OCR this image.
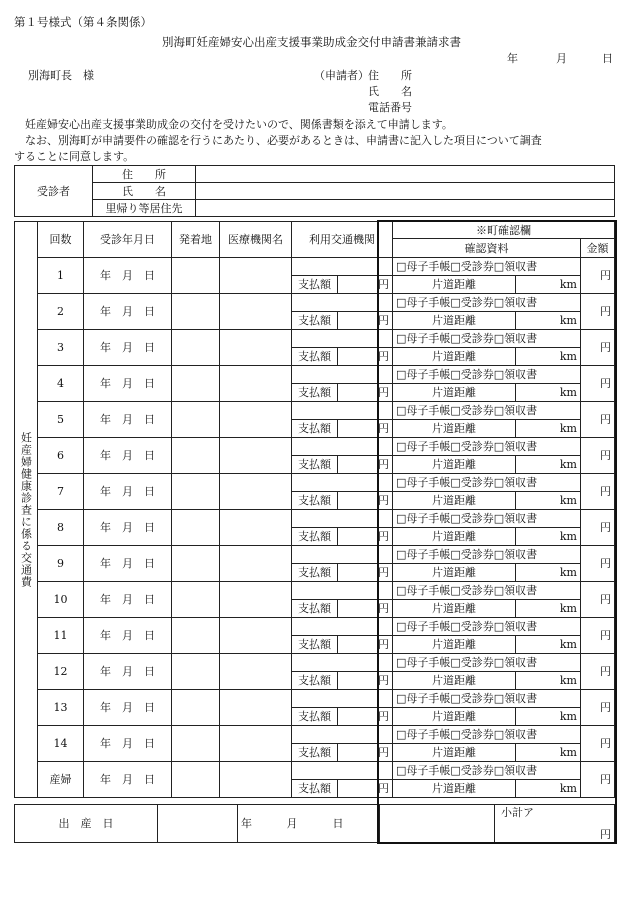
第１号様式（第４条関係）
別海町妊産婦安心出産支援事業助成金交付申請書兼請求書
年	月	日
別海町長　様	（申請者） 住　　所
氏　　名
電話番号
　妊産婦安心出産支援事業助成金の交付を受けたいので、関係書類を添えて申請します。
　なお、別海町が申請要件の確認を行うにあたり、必要があるときは、申請書に記入した項目について調査
することに同意します。
受診者	住　　所	
	氏　　名	
	里帰り等居住先	
妊産婦健康診査に係る交通費	回数	受診年月日	発着地	医療機関名	利用交通機関		※町確認欄		
							確認資料		金額
	1	年　月　日					□母子手帳□受診券□領収書		円
					支払額	円	片道距離	km	
	2	年　月　日					□母子手帳□受診券□領収書		円
					支払額	円	片道距離	km	
	3	年　月　日					□母子手帳□受診券□領収書		円
					支払額	円	片道距離	km	
	4	年　月　日					□母子手帳□受診券□領収書		円
					支払額	円	片道距離	km	
	5	年　月　日					□母子手帳□受診券□領収書		円
					支払額	円	片道距離	km	
	6	年　月　日					□母子手帳□受診券□領収書		円
					支払額	円	片道距離	km	
	7	年　月　日					□母子手帳□受診券□領収書		円
					支払額	円	片道距離	km	
	8	年　月　日					□母子手帳□受診券□領収書		円
					支払額	円	片道距離	km	
	9	年　月　日					□母子手帳□受診券□領収書		円
					支払額	円	片道距離	km	
	10	年　月　日					□母子手帳□受診券□領収書		円
					支払額	円	片道距離	km	
	11	年　月　日					□母子手帳□受診券□領収書		円
					支払額	円	片道距離	km	
	12	年　月　日					□母子手帳□受診券□領収書		円
					支払額	円	片道距離	km	
	13	年　月　日					□母子手帳□受診券□領収書		円
					支払額	円	片道距離	km	
	14	年　月　日					□母子手帳□受診券□領収書		円
					支払額	円	片道距離	km	
	産婦	年　月　日					□母子手帳□受診券□領収書		円
					支払額	円	片道距離	km	
出　産　日		年	月	日		
小計ア
円
